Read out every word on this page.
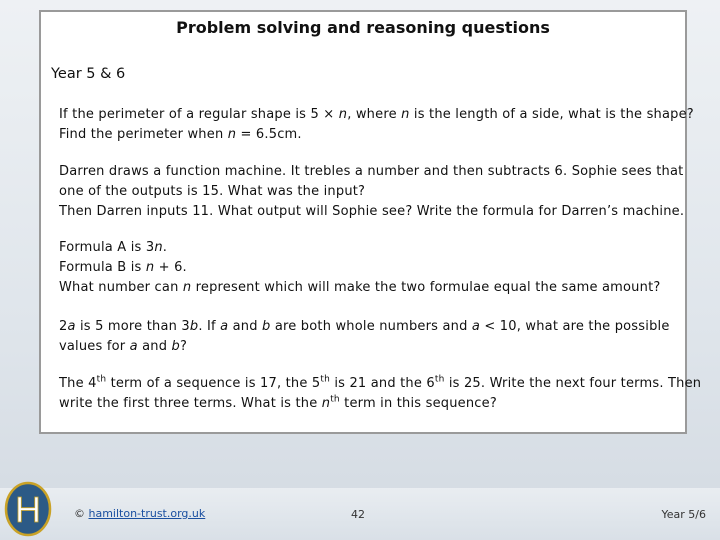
Problem solving and reasoning questions
Year 5 & 6

If the perimeter of a regular shape is 5 × n, where n is the length of a side, what is the shape?

Find the perimeter when n = 6.5cm.

Darren draws a function machine. It trebles a number and then subtracts 6. Sophie sees that

one of the outputs is 15. What was the input?

Then Darren inputs 11. What output will Sophie see? Write the formula for Darren’s machine.

Formula A is 3n.

Formula B is n + 6.

What number can n represent which will make the two formulae equal the same amount?

2a is 5 more than 3b. If a and b are both whole numbers and a < 10, what are the possible

values for a and b?

The 4th term of a sequence is 17, the 5th is 21 and the 6th is 25. Write the next four terms. Then

write the first three terms. What is the $n^{th}$ term in this sequence?

H	© hamilton-trust.org.uk	42	Year 5/6
